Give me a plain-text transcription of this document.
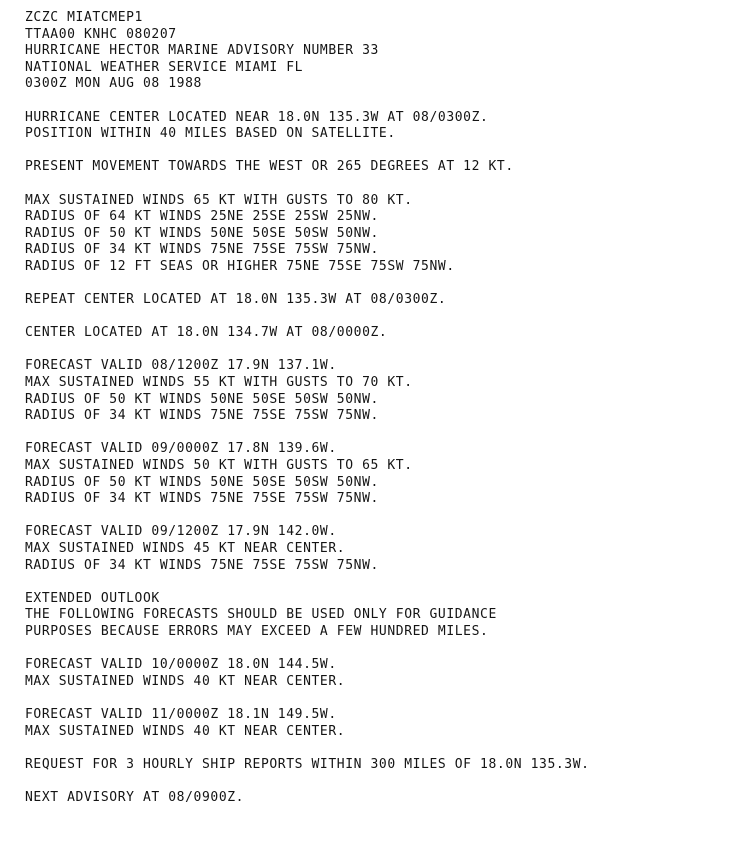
ZCZC MIATCMEP1
TTAA00 KNHC 080207
HURRICANE HECTOR MARINE ADVISORY NUMBER 33
NATIONAL WEATHER SERVICE MIAMI FL
0300Z MON AUG 08 1988
HURRICANE CENTER LOCATED NEAR 18.0N 135.3W AT 08/0300Z.
POSITION WITHIN 40 MILES BASED ON SATELLITE.
PRESENT MOVEMENT TOWARDS THE WEST OR 265 DEGREES AT 12 KT.
MAX SUSTAINED WINDS 65 KT WITH GUSTS TO 80 KT.
RADIUS OF 64 KT WINDS 25NE 25SE 25SW 25NW.
RADIUS OF 50 KT WINDS 50NE 50SE 50SW 50NW.
RADIUS OF 34 KT WINDS 75NE 75SE 75SW 75NW.
RADIUS OF 12 FT SEAS OR HIGHER 75NE 75SE 75SW 75NW.
REPEAT CENTER LOCATED AT 18.0N 135.3W AT 08/0300Z.
CENTER LOCATED AT 18.0N 134.7W AT 08/0000Z.
FORECAST VALID 08/1200Z 17.9N 137.1W.
MAX SUSTAINED WINDS 55 KT WITH GUSTS TO 70 KT.
RADIUS OF 50 KT WINDS 50NE 50SE 50SW 50NW.
RADIUS OF 34 KT WINDS 75NE 75SE 75SW 75NW.
FORECAST VALID 09/0000Z 17.8N 139.6W.
MAX SUSTAINED WINDS 50 KT WITH GUSTS TO 65 KT.
RADIUS OF 50 KT WINDS 50NE 50SE 50SW 50NW.
RADIUS OF 34 KT WINDS 75NE 75SE 75SW 75NW.
FORECAST VALID 09/1200Z 17.9N 142.0W.
MAX SUSTAINED WINDS 45 KT NEAR CENTER.
RADIUS OF 34 KT WINDS 75NE 75SE 75SW 75NW.
EXTENDED OUTLOOK
THE FOLLOWING FORECASTS SHOULD BE USED ONLY FOR GUIDANCE
PURPOSES BECAUSE ERRORS MAY EXCEED A FEW HUNDRED MILES.
FORECAST VALID 10/0000Z 18.0N 144.5W.
MAX SUSTAINED WINDS 40 KT NEAR CENTER.
FORECAST VALID 11/0000Z 18.1N 149.5W.
MAX SUSTAINED WINDS 40 KT NEAR CENTER.
REQUEST FOR 3 HOURLY SHIP REPORTS WITHIN 300 MILES OF 18.0N 135.3W.
NEXT ADVISORY AT 08/0900Z.
